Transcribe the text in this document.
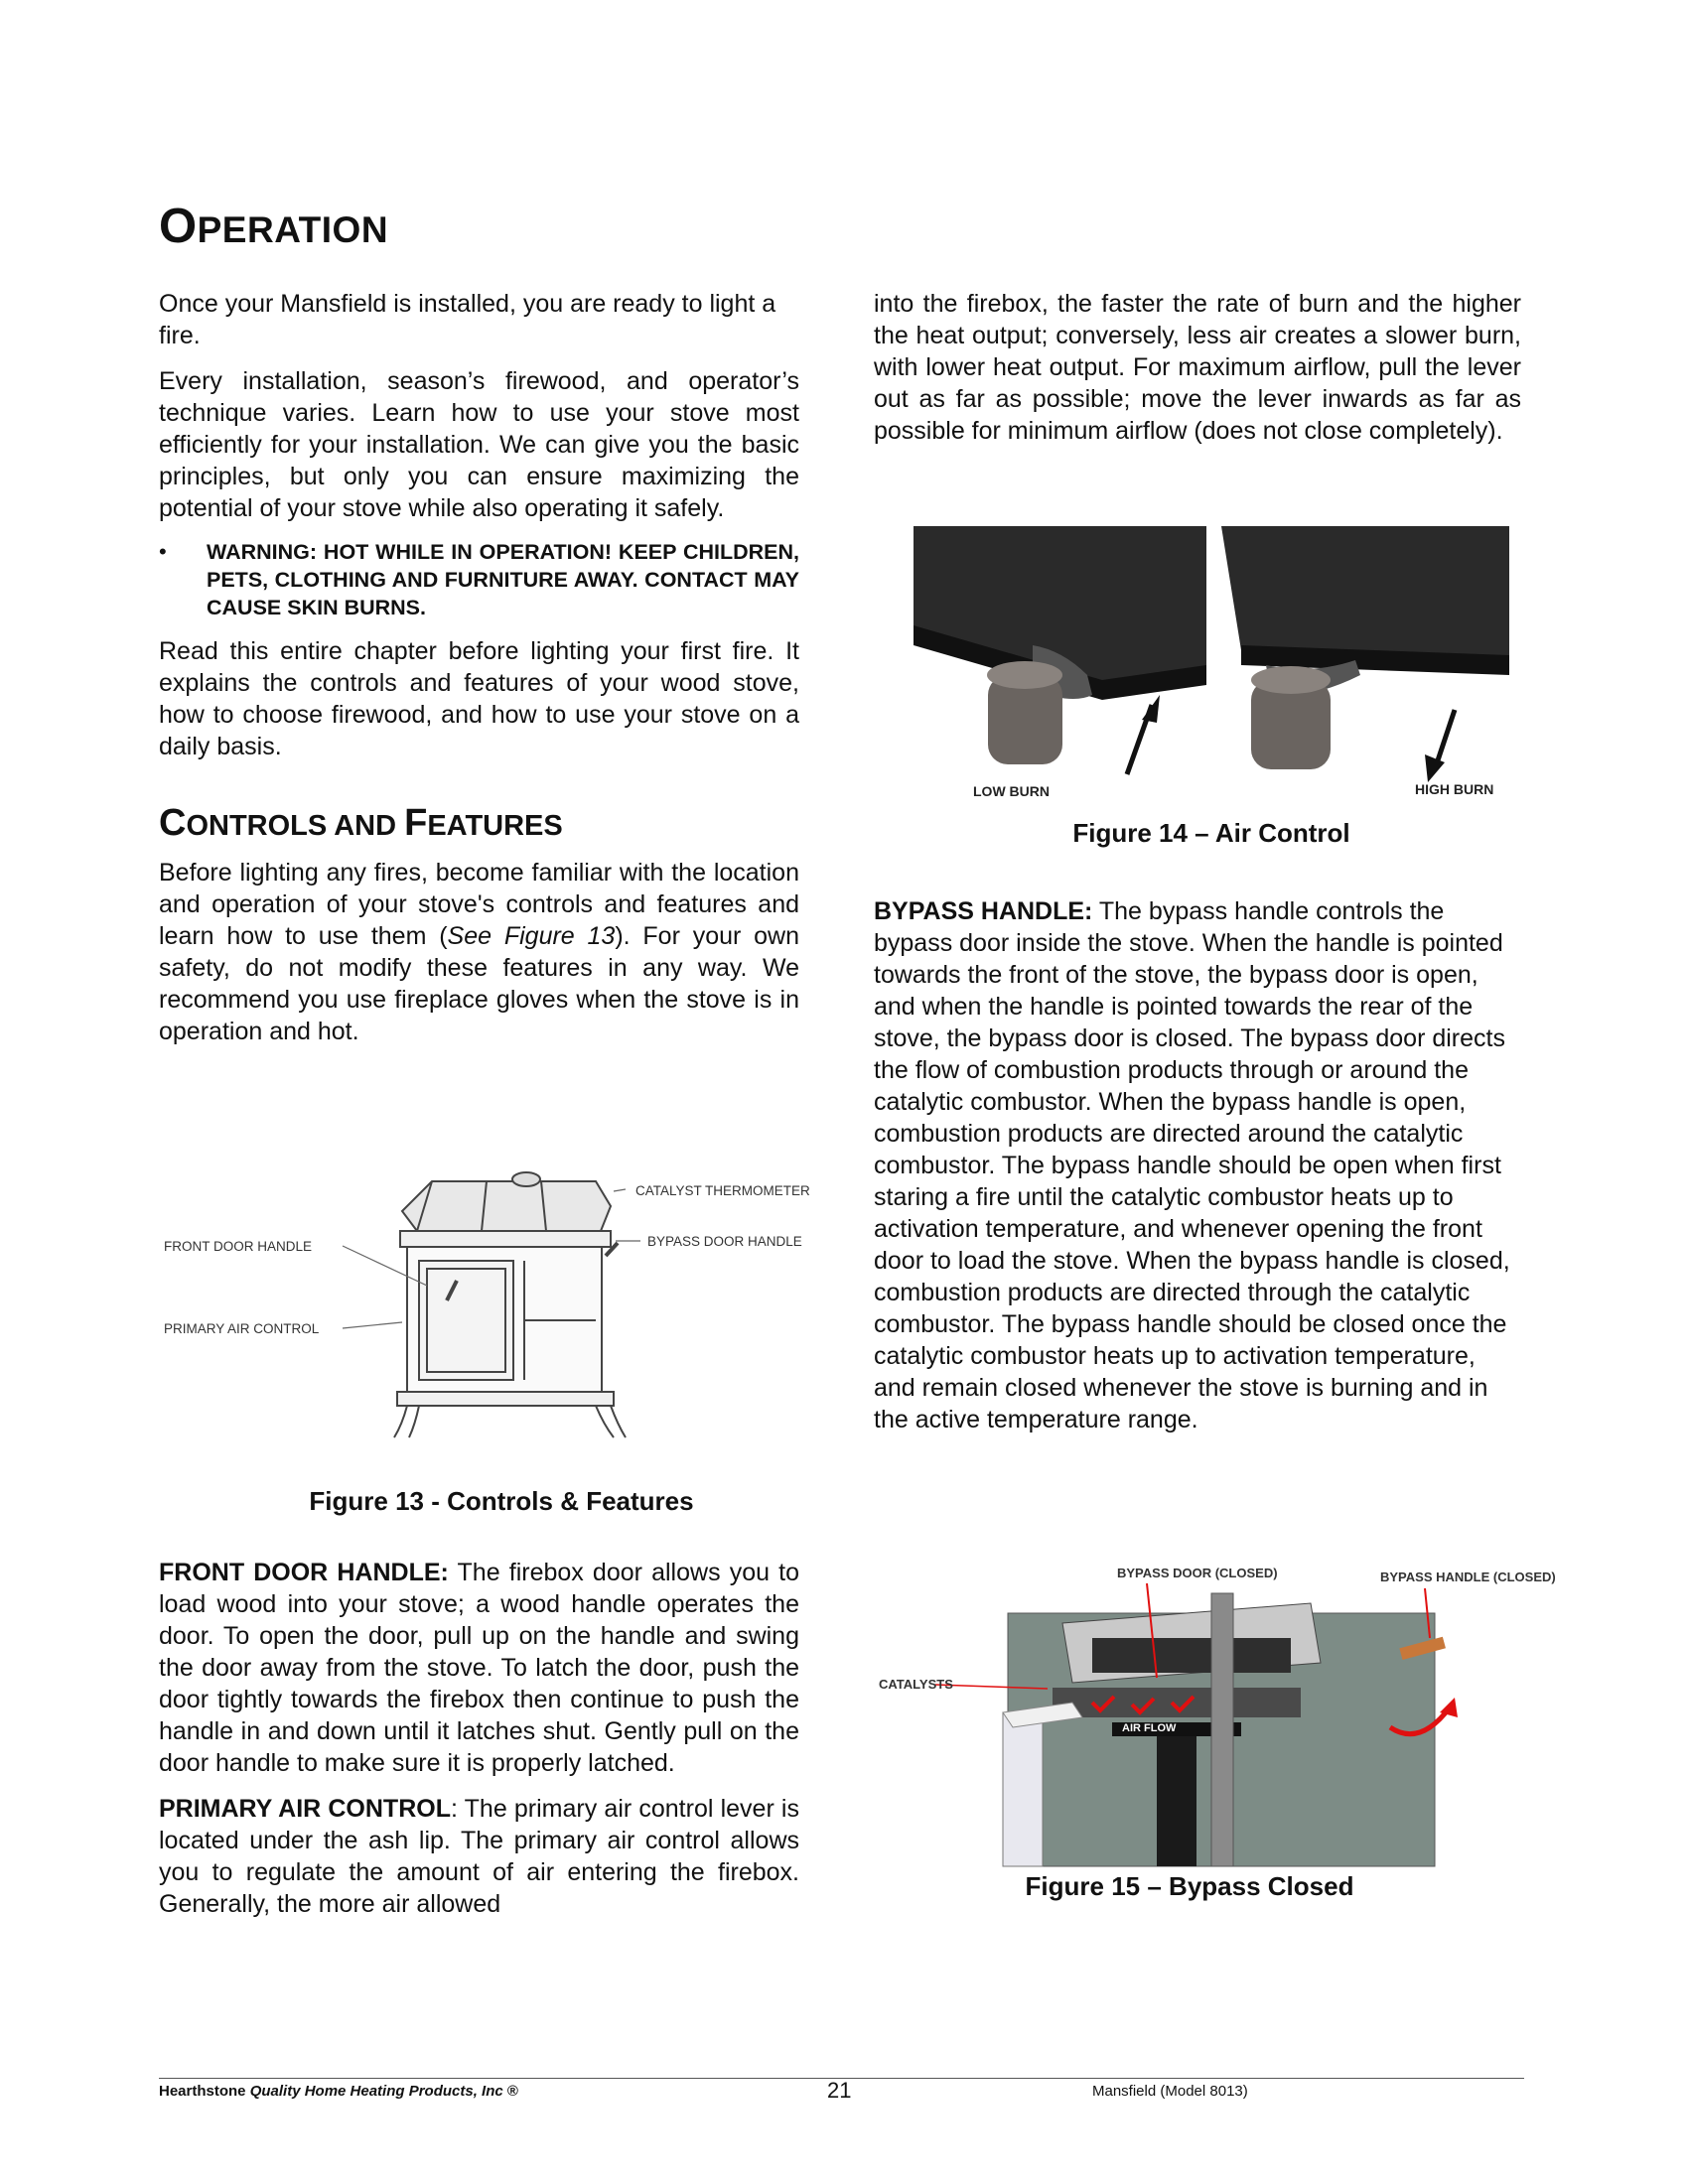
OPERATION

Once your Mansfield is installed, you are ready to light a fire.

Every installation, season’s firewood, and operator’s technique varies. Learn how to use your stove most efficiently for your installation. We can give you the basic principles, but only you can ensure maximizing the potential of your stove while also operating it safely.

•	WARNING: HOT WHILE IN OPERATION! KEEP CHILDREN, PETS, CLOTHING AND FURNITURE AWAY. CONTACT MAY CAUSE SKIN BURNS.

Read this entire chapter before lighting your first fire. It explains the controls and features of your wood stove, how to choose firewood, and how to use your stove on a daily basis.

CONTROLS AND FEATURES

Before lighting any fires, become familiar with the location and operation of your stove's controls and features and learn how to use them (See Figure 13). For your own safety, do not modify these features in any way. We recommend you use fireplace gloves when the stove is in operation and hot.

CATALYST THERMOMETER
BYPASS DOOR HANDLE
FRONT DOOR HANDLE
PRIMARY AIR CONTROL
Figure 13 - Controls & Features

FRONT DOOR HANDLE: The firebox door allows you to load wood into your stove; a wood handle operates the door. To open the door, pull up on the handle and swing the door away from the stove. To latch the door, push the door tightly towards the firebox then continue to push the handle in and down until it latches shut. Gently pull on the door handle to make sure it is properly latched.

PRIMARY AIR CONTROL: The primary air control lever is located under the ash lip. The primary air control allows you to regulate the amount of air entering the firebox. Generally, the more air allowed

into the firebox, the faster the rate of burn and the higher the heat output; conversely, less air creates a slower burn, with lower heat output. For maximum airflow, pull the lever out as far as possible; move the lever inwards as far as possible for minimum airflow (does not close completely).

LOW BURN	HIGH BURN
Figure 14 – Air Control

BYPASS HANDLE: The bypass handle controls the bypass door inside the stove. When the handle is pointed towards the front of the stove, the bypass door is open, and when the handle is pointed towards the rear of the stove, the bypass door is closed. The bypass door directs the flow of combustion products through or around the catalytic combustor. When the bypass handle is open, combustion products are directed around the catalytic combustor. The bypass handle should be open when first staring a fire until the catalytic combustor heats up to activation temperature, and whenever opening the front door to load the stove. When the bypass handle is closed, combustion products are directed through the catalytic combustor. The bypass handle should be closed once the catalytic combustor heats up to activation temperature, and remain closed whenever the stove is burning and in the active temperature range.

AIR FLOW
BYPASS DOOR (CLOSED)	BYPASS HANDLE (CLOSED)
CATALYSTS
Figure 15 – Bypass Closed
Hearthstone Quality Home Heating Products, Inc ®	21	Mansfield (Model 8013)
